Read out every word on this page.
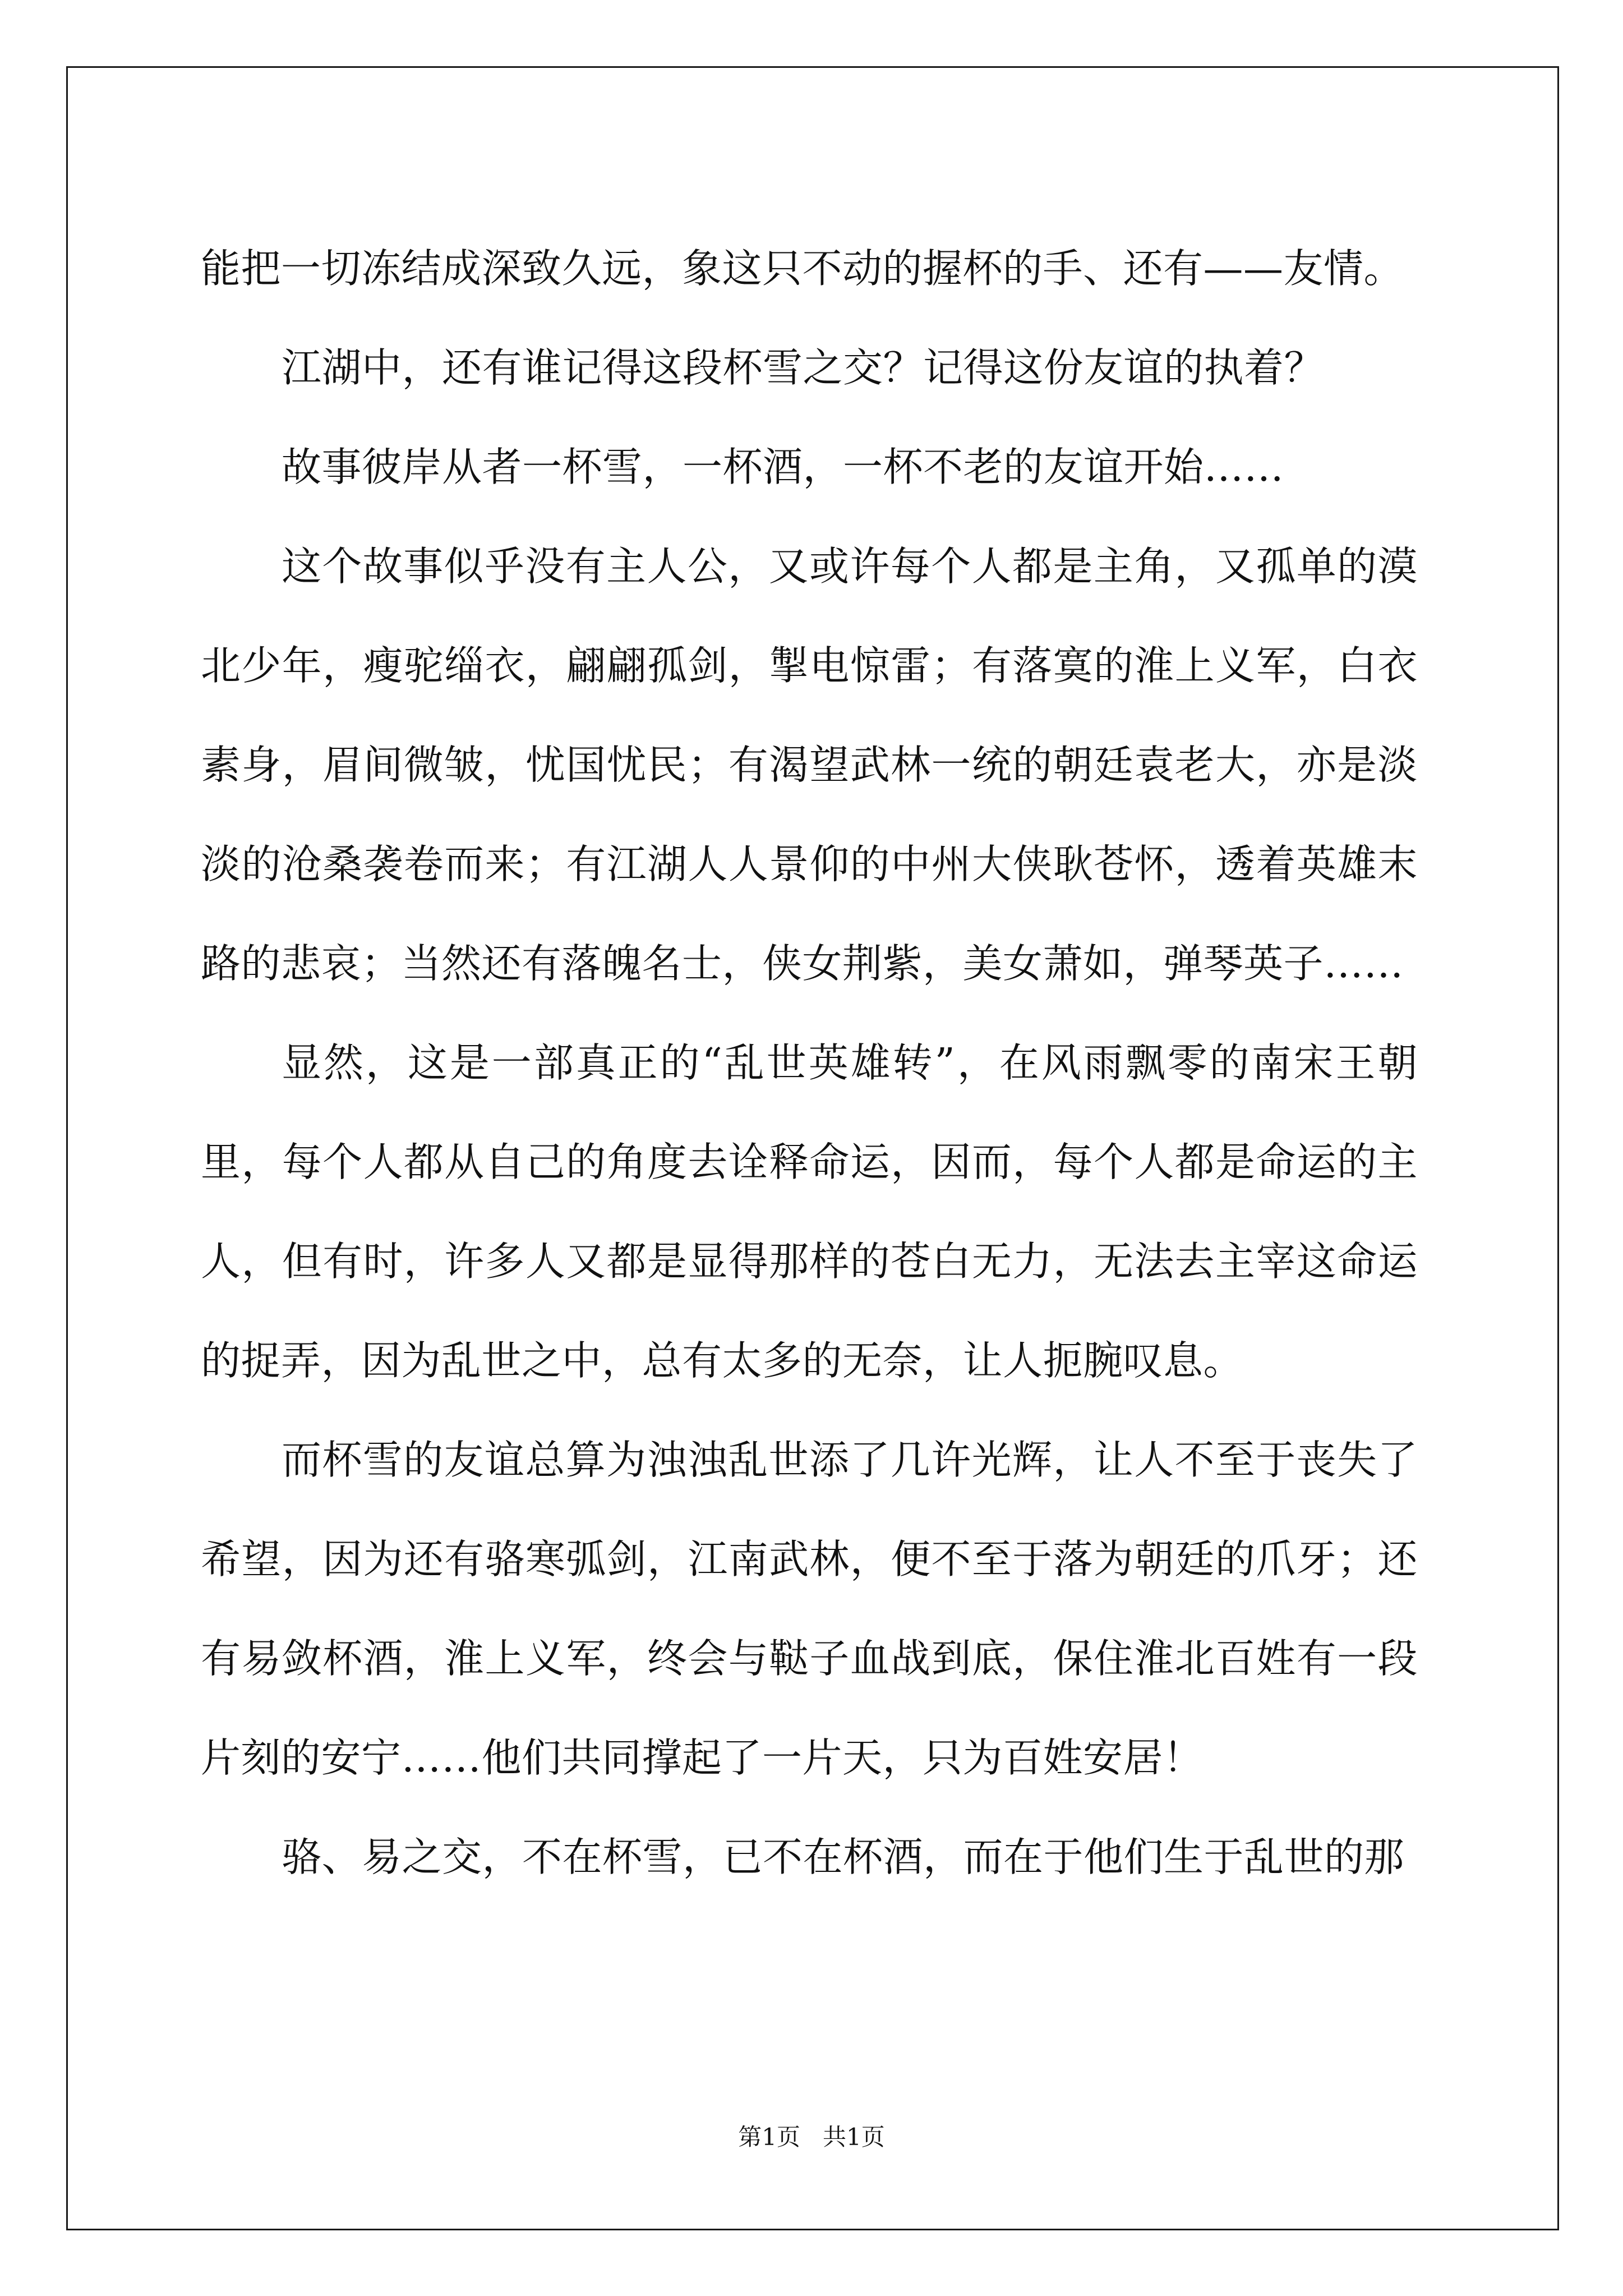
能把一切冻结成深致久远，象这只不动的握杯的手、还有——友情。

江湖中，还有谁记得这段杯雪之交？记得这份友谊的执着？

故事彼岸从者一杯雪，一杯酒，一杯不老的友谊开始……

这个故事似乎没有主人公，又或许每个人都是主角，又孤单的漠北少年，瘦驼缁衣，翩翩孤剑，掣电惊雷；有落寞的淮上义军，白衣素身，眉间微皱，忧国忧民；有渴望武林一统的朝廷袁老大，亦是淡淡的沧桑袭卷而来；有江湖人人景仰的中州大侠耿苍怀，透着英雄末路的悲哀；当然还有落魄名士，侠女荆紫，美女萧如，弹琴英子……

显然，这是一部真正的“乱世英雄转”，在风雨飘零的南宋王朝里，每个人都从自己的角度去诠释命运，因而，每个人都是命运的主人，但有时，许多人又都是显得那样的苍白无力，无法去主宰这命运的捉弄，因为乱世之中，总有太多的无奈，让人扼腕叹息。

而杯雪的友谊总算为浊浊乱世添了几许光辉，让人不至于丧失了希望，因为还有骆寒弧剑，江南武林，便不至于落为朝廷的爪牙；还有易敛杯酒，淮上义军，终会与鞑子血战到底，保住淮北百姓有一段片刻的安宁……他们共同撑起了一片天，只为百姓安居！

骆、易之交，不在杯雪，已不在杯酒，而在于他们生于乱世的那

第1页   共1页
